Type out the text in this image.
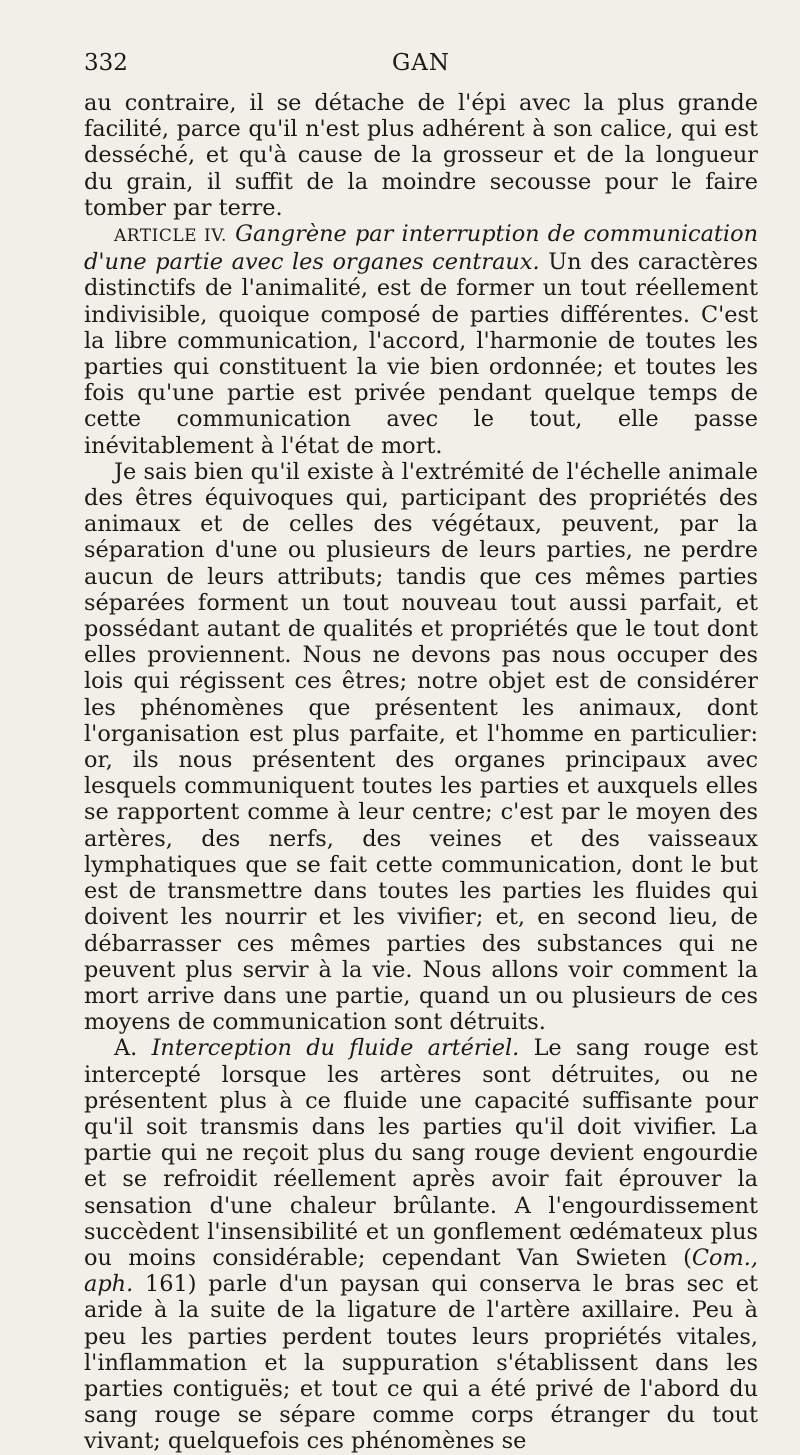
332	GAN

au contraire, il se détache de l'épi avec la plus grande facilité, parce qu'il n'est plus adhérent à son calice, qui est desséché, et qu'à cause de la grosseur et de la longueur du grain, il suffit de la moindre secousse pour le faire tomber par terre.

ARTICLE IV. Gangrène par interruption de communication d'une partie avec les organes centraux. Un des caractères distinctifs de l'animalité, est de former un tout réellement indivisible, quoique composé de parties différentes. C'est la libre communication, l'accord, l'harmonie de toutes les parties qui constituent la vie bien ordonnée; et toutes les fois qu'une partie est privée pendant quelque temps de cette communication avec le tout, elle passe inévitablement à l'état de mort.

Je sais bien qu'il existe à l'extrémité de l'échelle animale des êtres équivoques qui, participant des propriétés des animaux et de celles des végétaux, peuvent, par la séparation d'une ou plusieurs de leurs parties, ne perdre aucun de leurs attributs; tandis que ces mêmes parties séparées forment un tout nouveau tout aussi parfait, et possédant autant de qualités et propriétés que le tout dont elles proviennent. Nous ne devons pas nous occuper des lois qui régissent ces êtres; notre objet est de considérer les phénomènes que présentent les animaux, dont l'organisation est plus parfaite, et l'homme en particulier: or, ils nous présentent des organes principaux avec lesquels communiquent toutes les parties et auxquels elles se rapportent comme à leur centre; c'est par le moyen des artères, des nerfs, des veines et des vaisseaux lymphatiques que se fait cette communication, dont le but est de transmettre dans toutes les parties les fluides qui doivent les nourrir et les vivifier; et, en second lieu, de débarrasser ces mêmes parties des substances qui ne peuvent plus servir à la vie. Nous allons voir comment la mort arrive dans une partie, quand un ou plusieurs de ces moyens de communication sont détruits.

A. Interception du fluide artériel. Le sang rouge est intercepté lorsque les artères sont détruites, ou ne présentent plus à ce fluide une capacité suffisante pour qu'il soit transmis dans les parties qu'il doit vivifier. La partie qui ne reçoit plus du sang rouge devient engourdie et se refroidit réellement après avoir fait éprouver la sensation d'une chaleur brûlante. A l'engourdissement succèdent l'insensibilité et un gonflement œdémateux plus ou moins considérable; cependant Van Swieten (Com., aph. 161) parle d'un paysan qui conserva le bras sec et aride à la suite de la ligature de l'artère axillaire. Peu à peu les parties perdent toutes leurs propriétés vitales, l'inflammation et la suppuration s'établissent dans les parties contiguës; et tout ce qui a été privé de l'abord du sang rouge se sépare comme corps étranger du tout vivant; quelquefois ces phénomènes se
